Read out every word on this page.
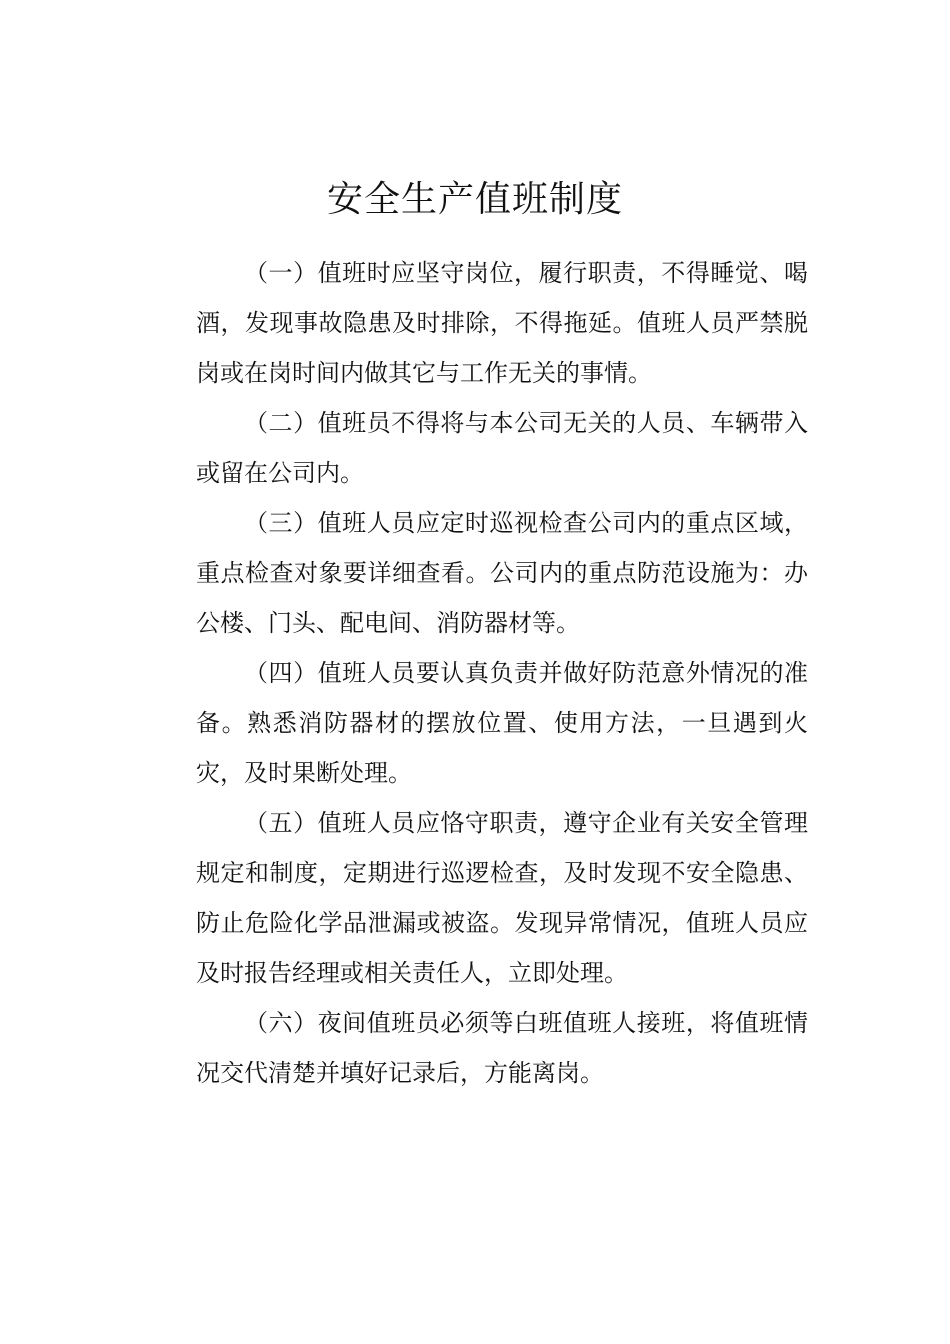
安全生产值班制度

（一）值班时应坚守岗位，履行职责，不得睡觉、喝酒，发现事故隐患及时排除，不得拖延。值班人员严禁脱岗或在岗时间内做其它与工作无关的事情。

（二）值班员不得将与本公司无关的人员、车辆带入或留在公司内。

（三）值班人员应定时巡视检查公司内的重点区域，重点检查对象要详细查看。公司内的重点防范设施为：办公楼、门头、配电间、消防器材等。

（四）值班人员要认真负责并做好防范意外情况的准备。熟悉消防器材的摆放位置、使用方法，一旦遇到火灾，及时果断处理。

（五）值班人员应恪守职责，遵守企业有关安全管理规定和制度，定期进行巡逻检查，及时发现不安全隐患、防止危险化学品泄漏或被盗。发现异常情况，值班人员应及时报告经理或相关责任人，立即处理。

（六）夜间值班员必须等白班值班人接班，将值班情况交代清楚并填好记录后，方能离岗。
